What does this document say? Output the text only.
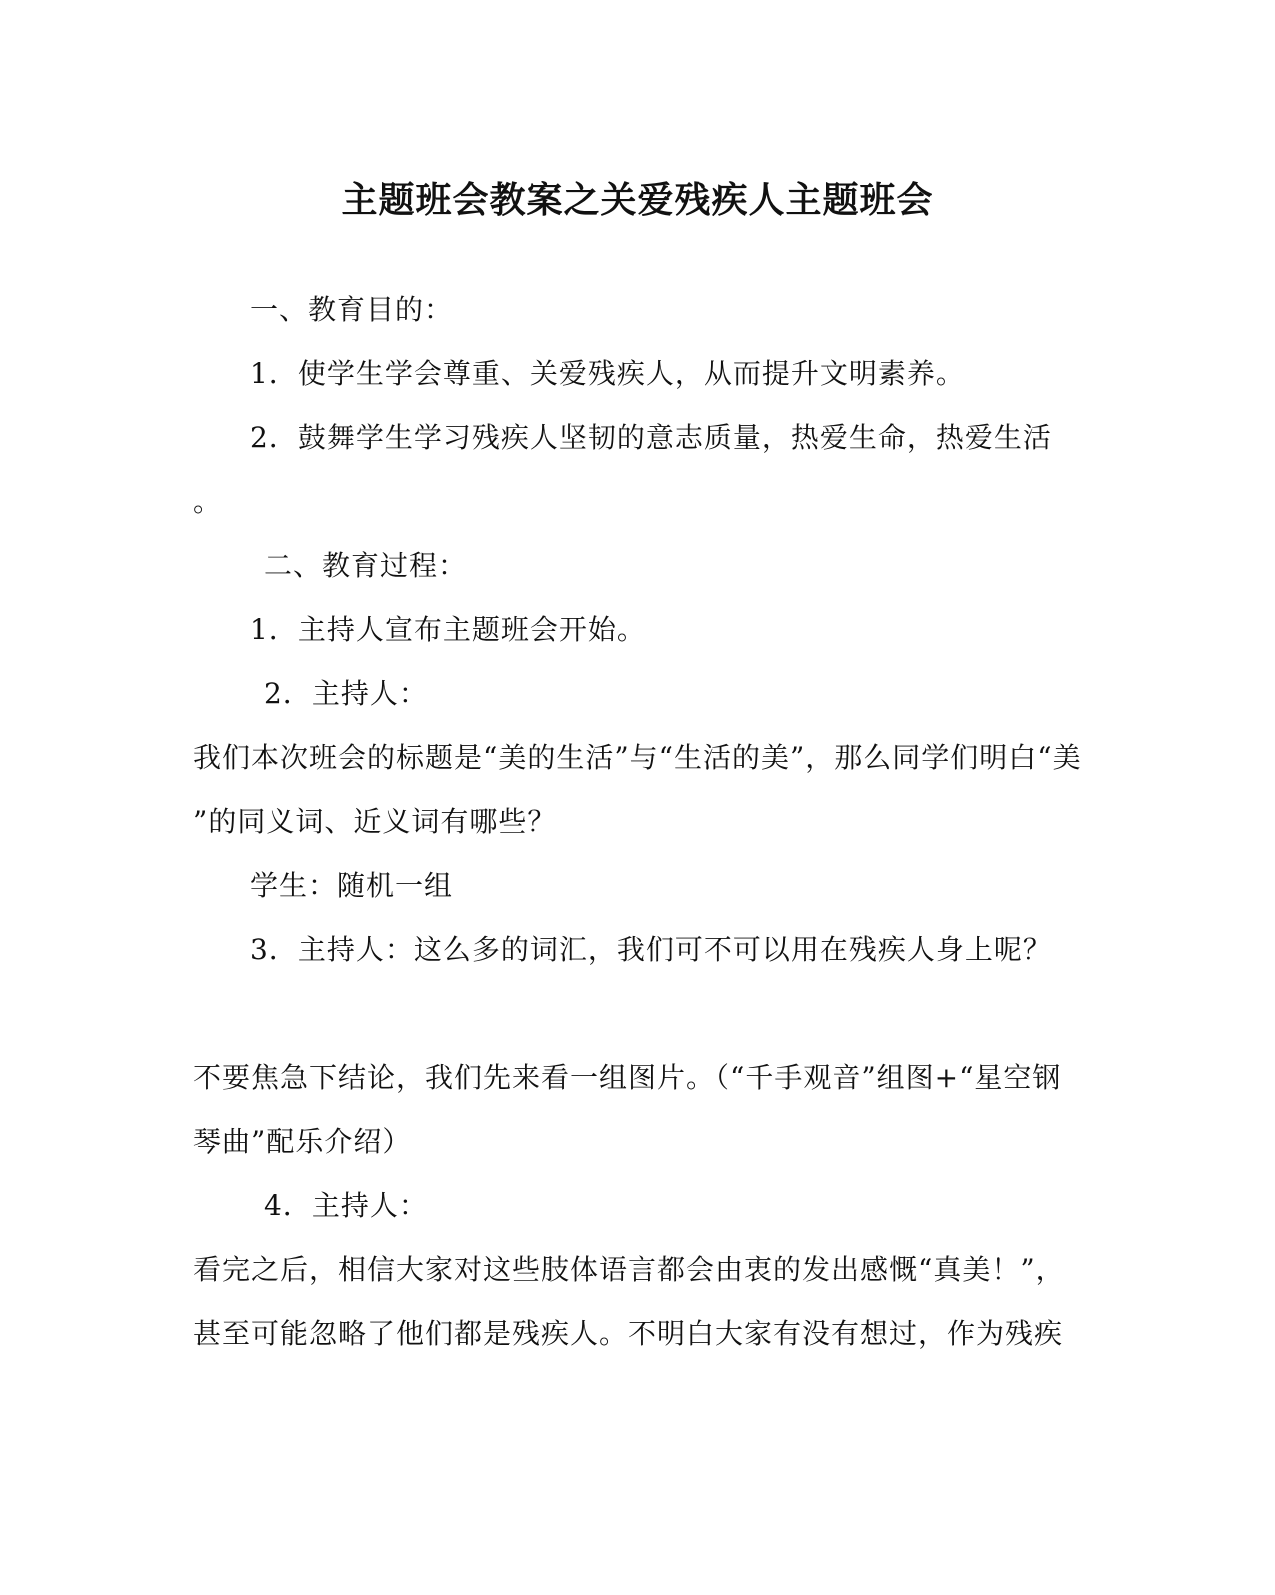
主题班会教案之关爱残疾人主题班会
一、教育目的：
1．使学生学会尊重、关爱残疾人，从而提升文明素养。
2．鼓舞学生学习残疾人坚韧的意志质量，热爱生命，热爱生活
。
二、教育过程：
1．主持人宣布主题班会开始。
2．主持人：
我们本次班会的标题是“美的生活”与“生活的美”，那么同学们明白“美
”的同义词、近义词有哪些？
学生：随机一组
3．主持人：这么多的词汇，我们可不可以用在残疾人身上呢？
不要焦急下结论，我们先来看一组图片。（“千手观音”组图+“星空钢
琴曲”配乐介绍）
4．主持人：
看完之后，相信大家对这些肢体语言都会由衷的发出感慨“真美！”，
甚至可能忽略了他们都是残疾人。不明白大家有没有想过，作为残疾
